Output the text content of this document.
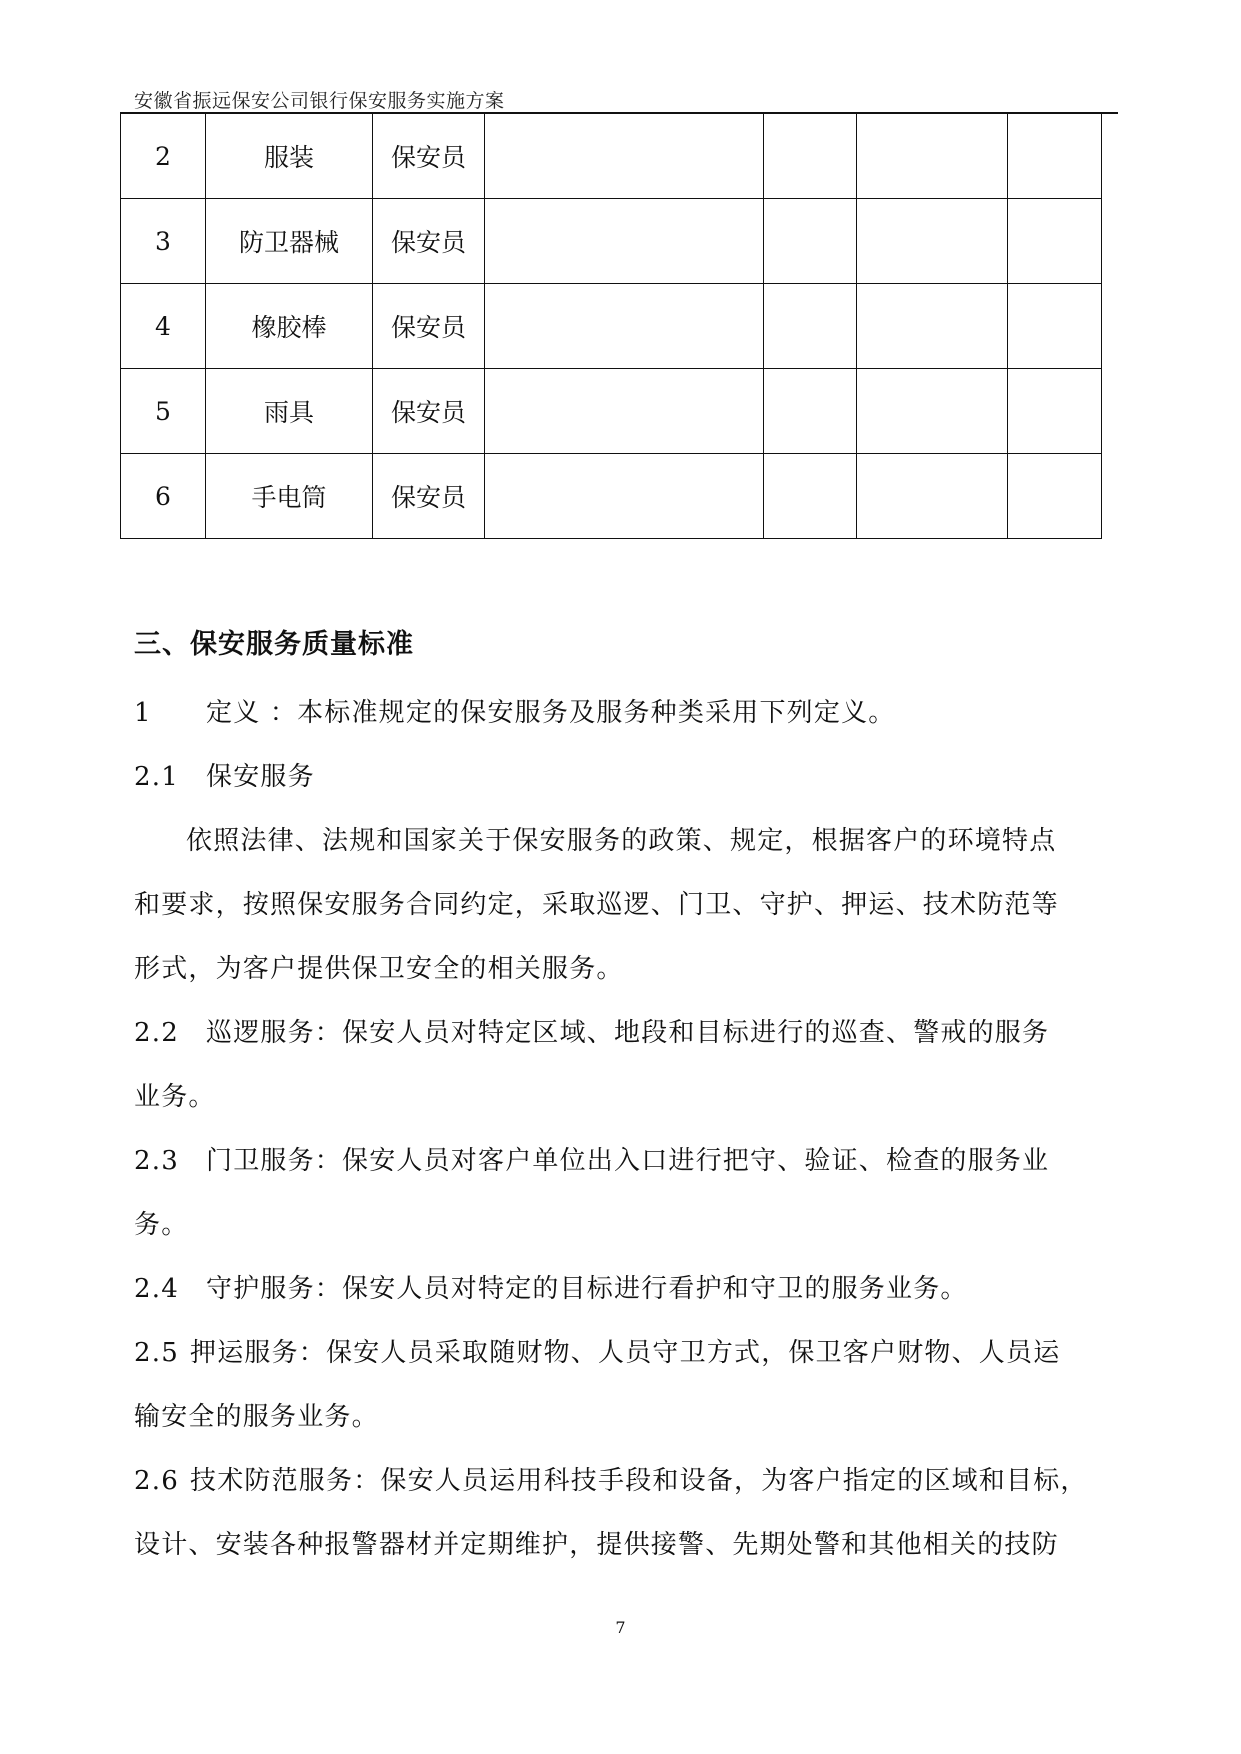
安徽省振远保安公司银行保安服务实施方案
2	服装	保安员				
3	防卫器械	保安员				
4	橡胶棒	保安员				
5	雨具	保安员				
6	手电筒	保安员				
三、保安服务质量标准
1 定义 ：本标准规定的保安服务及服务种类采用下列定义。
2.1 保安服务
依照法律、法规和国家关于保安服务的政策、规定，根据客户的环境特点
和要求，按照保安服务合同约定，采取巡逻、门卫、守护、押运、技术防范等
形式，为客户提供保卫安全的相关服务。
2.2 巡逻服务：保安人员对特定区域、地段和目标进行的巡查、警戒的服务
业务。
2.3 门卫服务：保安人员对客户单位出入口进行把守、验证、检查的服务业
务。
2.4 守护服务：保安人员对特定的目标进行看护和守卫的服务业务。
2.5 押运服务：保安人员采取随财物、人员守卫方式，保卫客户财物、人员运
输安全的服务业务。
2.6 技术防范服务：保安人员运用科技手段和设备，为客户指定的区域和目标，
设计、安装各种报警器材并定期维护，提供接警、先期处警和其他相关的技防
7
